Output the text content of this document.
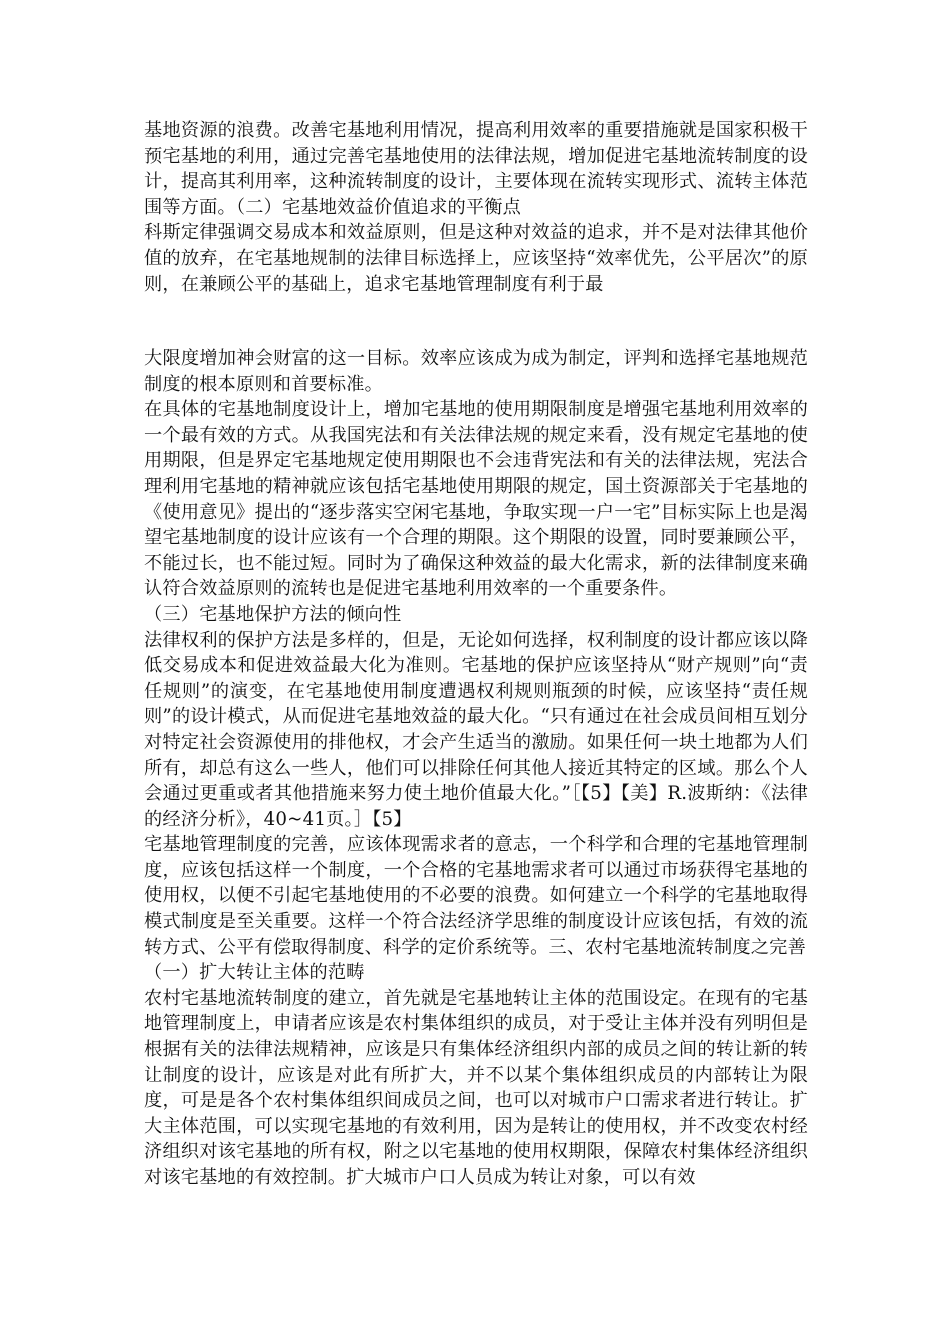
基地资源的浪费。改善宅基地利用情况，提高利用效率的重要措施就是国家积极干预宅基地的利用，通过完善宅基地使用的法律法规，增加促进宅基地流转制度的设计，提高其利用率，这种流转制度的设计，主要体现在流转实现形式、流转主体范围等方面。（二）宅基地效益价值追求的平衡点

科斯定律强调交易成本和效益原则，但是这种对效益的追求，并不是对法律其他价值的放弃，在宅基地规制的法律目标选择上，应该坚持“效率优先，公平居次”的原则，在兼顾公平的基础上，追求宅基地管理制度有利于最

大限度增加神会财富的这一目标。效率应该成为成为制定，评判和选择宅基地规范制度的根本原则和首要标准。

在具体的宅基地制度设计上，增加宅基地的使用期限制度是增强宅基地利用效率的一个最有效的方式。从我国宪法和有关法律法规的规定来看，没有规定宅基地的使用期限，但是界定宅基地规定使用期限也不会违背宪法和有关的法律法规，宪法合理利用宅基地的精神就应该包括宅基地使用期限的规定，国土资源部关于宅基地的《使用意见》提出的“逐步落实空闲宅基地，争取实现一户一宅”目标实际上也是渴望宅基地制度的设计应该有一个合理的期限。这个期限的设置，同时要兼顾公平，不能过长，也不能过短。同时为了确保这种效益的最大化需求，新的法律制度来确认符合效益原则的流转也是促进宅基地利用效率的一个重要条件。

（三）宅基地保护方法的倾向性

法律权利的保护方法是多样的，但是，无论如何选择，权利制度的设计都应该以降低交易成本和促进效益最大化为准则。宅基地的保护应该坚持从“财产规则”向“责任规则”的演变，在宅基地使用制度遭遇权利规则瓶颈的时候，应该坚持“责任规则”的设计模式，从而促进宅基地效益的最大化。“只有通过在社会成员间相互划分对特定社会资源使用的排他权，才会产生适当的激励。如果任何一块土地都为人们所有，却总有这么一些人，他们可以排除任何其他人接近其特定的区域。那么个人会通过更重或者其他措施来努力使土地价值最大化。”［【5】【美】R.波斯纳：《法律的经济分析》，40~41页。］【5】

宅基地管理制度的完善，应该体现需求者的意志，一个科学和合理的宅基地管理制度，应该包括这样一个制度，一个合格的宅基地需求者可以通过市场获得宅基地的使用权，以便不引起宅基地使用的不必要的浪费。如何建立一个科学的宅基地取得模式制度是至关重要。这样一个符合法经济学思维的制度设计应该包括，有效的流转方式、公平有偿取得制度、科学的定价系统等。三、农村宅基地流转制度之完善

（一）扩大转让主体的范畴

农村宅基地流转制度的建立，首先就是宅基地转让主体的范围设定。在现有的宅基地管理制度上，申请者应该是农村集体组织的成员，对于受让主体并没有列明但是根据有关的法律法规精神，应该是只有集体经济组织内部的成员之间的转让新的转让制度的设计，应该是对此有所扩大，并不以某个集体组织成员的内部转让为限度，可是是各个农村集体组织间成员之间，也可以对城市户口需求者进行转让。扩大主体范围，可以实现宅基地的有效利用，因为是转让的使用权，并不改变农村经济组织对该宅基地的所有权，附之以宅基地的使用权期限，保障农村集体经济组织对该宅基地的有效控制。扩大城市户口人员成为转让对象，可以有效
